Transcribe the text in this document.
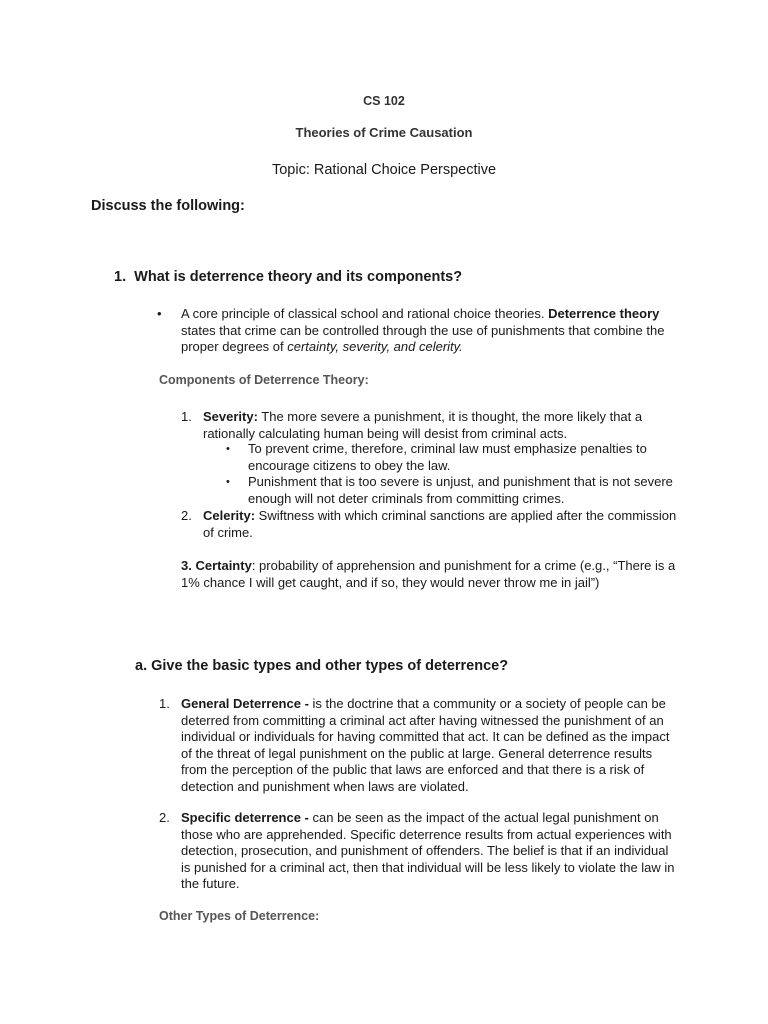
CS 102
Theories of Crime Causation
Topic: Rational Choice Perspective
Discuss the following:
1. What is deterrence theory and its components?
• A core principle of classical school and rational choice theories. Deterrence theory states that crime can be controlled through the use of punishments that combine the proper degrees of certainty, severity, and celerity.
Components of Deterrence Theory:
1. Severity: The more severe a punishment, it is thought, the more likely that a rationally calculating human being will desist from criminal acts.
• To prevent crime, therefore, criminal law must emphasize penalties to encourage citizens to obey the law.
• Punishment that is too severe is unjust, and punishment that is not severe enough will not deter criminals from committing crimes.
2. Celerity: Swiftness with which criminal sanctions are applied after the commission of crime.
3. Certainty: probability of apprehension and punishment for a crime (e.g., “There is a 1% chance I will get caught, and if so, they would never throw me in jail”)
a. Give the basic types and other types of deterrence?
1. General Deterrence - is the doctrine that a community or a society of people can be deterred from committing a criminal act after having witnessed the punishment of an individual or individuals for having committed that act. It can be defined as the impact of the threat of legal punishment on the public at large. General deterrence results from the perception of the public that laws are enforced and that there is a risk of detection and punishment when laws are violated.
2. Specific deterrence - can be seen as the impact of the actual legal punishment on those who are apprehended. Specific deterrence results from actual experiences with detection, prosecution, and punishment of offenders. The belief is that if an individual is punished for a criminal act, then that individual will be less likely to violate the law in the future.
Other Types of Deterrence:
